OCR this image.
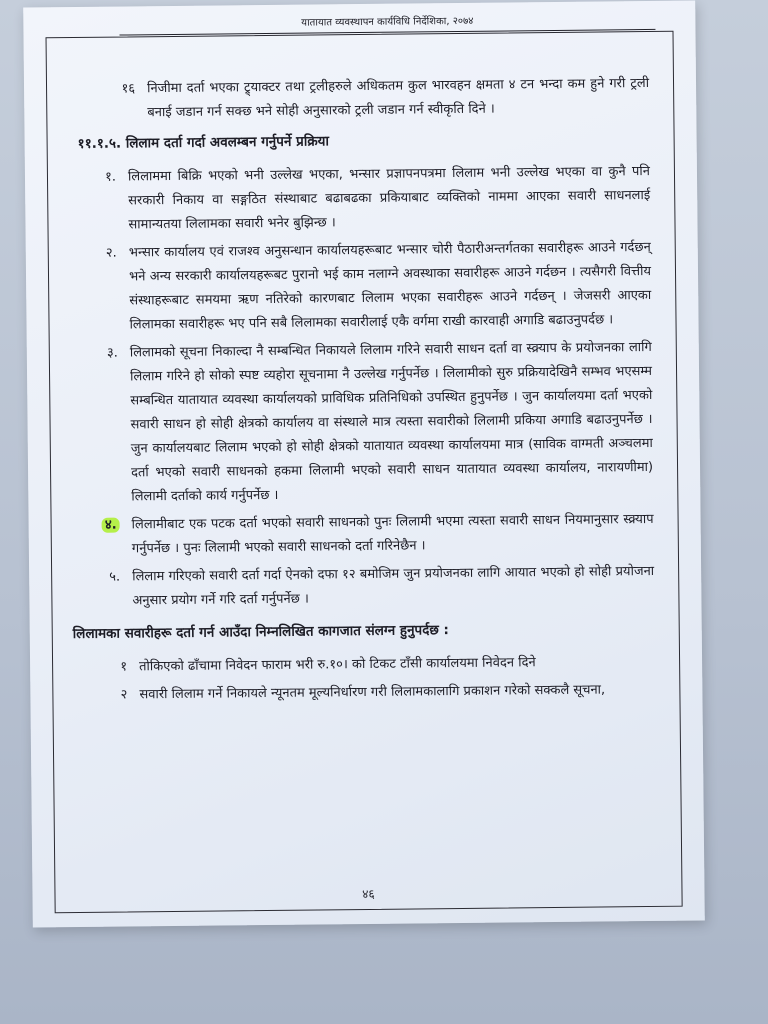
यातायात व्यवस्थापन कार्यविधि निर्देशिका, २०७४
१६ निजीमा दर्ता भएका ट्र्याक्टर तथा ट्रलीहरुले अधिकतम कुल भारवहन क्षमता ४ टन भन्दा कम हुने गरी ट्रली बनाई जडान गर्न सक्छ भने सोही अनुसारको ट्रली जडान गर्न स्वीकृति दिने ।
११.१.५. लिलाम दर्ता गर्दा अवलम्बन गर्नुपर्ने प्रक्रिया
१. लिलाममा बिक्रि भएको भनी उल्लेख भएका, भन्सार प्रज्ञापनपत्रमा लिलाम भनी उल्लेख भएका वा कुनै पनि सरकारी निकाय वा सङ्गठित संस्थाबाट बढाबढका प्रकियाबाट व्यक्तिको नाममा आएका सवारी साधनलाई सामान्यतया लिलामका सवारी भनेर बुझिन्छ ।
२. भन्सार कार्यालय एवं राजश्व अनुसन्धान कार्यालयहरूबाट भन्सार चोरी पैठारीअन्तर्गतका सवारीहरू आउने गर्दछन् भने अन्य सरकारी कार्यालयहरूबट पुरानो भई काम नलाग्ने अवस्थाका सवारीहरू आउने गर्दछन । त्यसैगरी वित्तीय संस्थाहरूबाट समयमा ऋण नतिरेको कारणबाट लिलाम भएका सवारीहरू आउने गर्दछन् । जेजसरी आएका लिलामका सवारीहरू भए पनि सबै लिलामका सवारीलाई एकै वर्गमा राखी कारवाही अगाडि बढाउनुपर्दछ ।
३. लिलामको सूचना निकाल्दा नै सम्बन्धित निकायले लिलाम गरिने सवारी साधन दर्ता वा स्क्र्याप के प्रयोजनका लागि लिलाम गरिने हो सोको स्पष्ट व्यहोरा सूचनामा नै उल्लेख गर्नुपर्नेछ । लिलामीको सुरु प्रक्रियादेखिनै सम्भव भएसम्म सम्बन्धित यातायात व्यवस्था कार्यालयको प्राविधिक प्रतिनिधिको उपस्थित हुनुपर्नेछ । जुन कार्यालयमा दर्ता भएको सवारी साधन हो सोही क्षेत्रको कार्यालय वा संस्थाले मात्र त्यस्ता सवारीको लिलामी प्रकिया अगाडि बढाउनुपर्नेछ । जुन कार्यालयबाट लिलाम भएको हो सोही क्षेत्रको यातायात व्यवस्था कार्यालयमा मात्र (साविक वाग्मती अञ्चलमा दर्ता भएको सवारी साधनको हकमा लिलामी भएको सवारी साधन यातायात व्यवस्था कार्यालय, नारायणीमा) लिलामी दर्ताको कार्य गर्नुपर्नेछ ।
४.	लिलामीबाट एक पटक दर्ता भएको सवारी साधनको पुनः लिलामी भएमा त्यस्ता सवारी साधन नियमानुसार स्क्र्याप गर्नुपर्नेछ । पुनः लिलामी भएको सवारी साधनको दर्ता गरिनेछैन ।
५. लिलाम गरिएको सवारी दर्ता गर्दा ऐनको दफा १२ बमोजिम जुन प्रयोजनका लागि आयात भएको हो सोही प्रयोजना अनुसार प्रयोग गर्ने गरि दर्ता गर्नुपर्नेछ ।
लिलामका सवारीहरू दर्ता गर्न आउँदा निम्नलिखित कागजात संलग्न हुनुपर्दछ :
१ तोकिएको ढाँचामा निवेदन फाराम भरी रु.१०। को टिकट टाँसी कार्यालयमा निवेदन दिने
२ सवारी लिलाम गर्ने निकायले न्यूनतम मूल्यनिर्धारण गरी लिलामकालागि प्रकाशन गरेको सक्कलै सूचना,
४६
